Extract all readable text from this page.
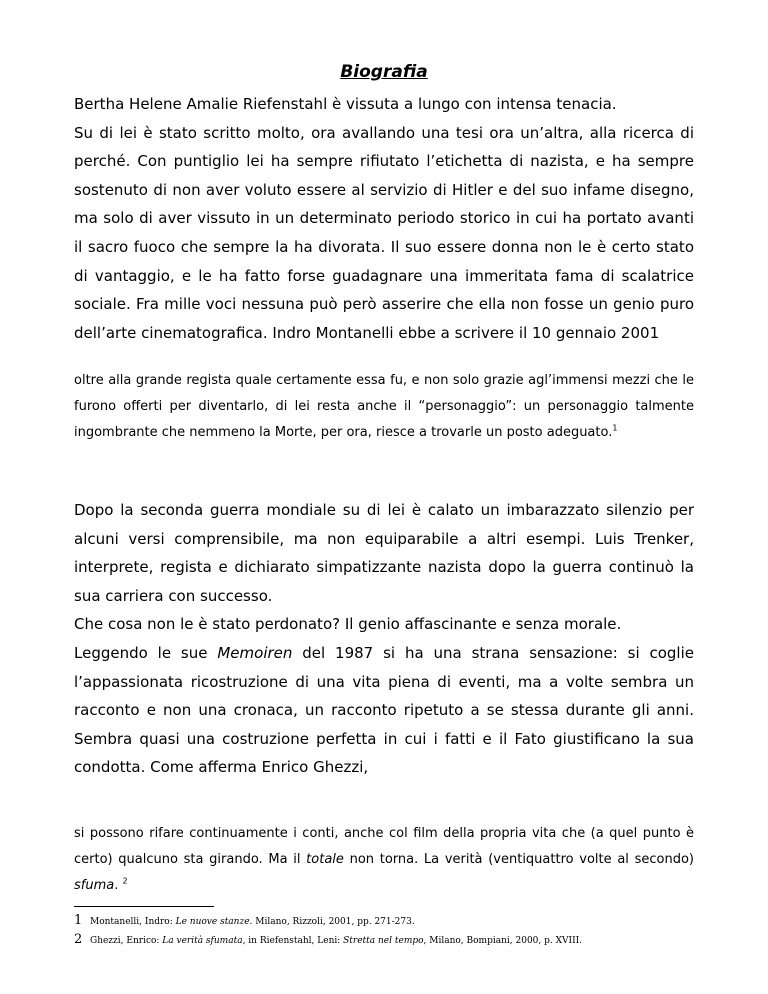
Biografia

Bertha Helene Amalie Riefenstahl è vissuta a lungo con intensa tenacia.

Su di lei è stato scritto molto, ora avallando una tesi ora un’altra, alla ricerca di perché. Con puntiglio lei ha sempre rifiutato l’etichetta di nazista, e ha sempre sostenuto di non aver voluto essere al servizio di Hitler e del suo infame disegno, ma solo di aver vissuto in un determinato periodo storico in cui ha portato avanti il sacro fuoco che sempre la ha divorata. Il suo essere donna non le è certo stato di vantaggio, e le ha fatto forse guadagnare una immeritata fama di scalatrice sociale. Fra mille voci nessuna può però asserire che ella non fosse un genio puro dell’arte cinematografica. Indro Montanelli ebbe a scrivere il 10 gennaio 2001

oltre alla grande regista quale certamente essa fu, e non solo grazie agl’immensi mezzi che le furono offerti per diventarlo, di lei resta anche il “personaggio”: un personaggio talmente ingombrante che nemmeno la Morte, per ora, riesce a trovarle un posto adeguato.$^1$

Dopo la seconda guerra mondiale su di lei è calato un imbarazzato silenzio per alcuni versi comprensibile, ma non equiparabile a altri esempi. Luis Trenker, interprete, regista e dichiarato simpatizzante nazista dopo la guerra continuò la sua carriera con successo.

Che cosa non le è stato perdonato? Il genio affascinante e senza morale.

Leggendo le sue Memoiren del 1987 si ha una strana sensazione: si coglie l’appassionata ricostruzione di una vita piena di eventi, ma a volte sembra un racconto e non una cronaca, un racconto ripetuto a se stessa durante gli anni. Sembra quasi una costruzione perfetta in cui i fatti e il Fato giustificano la sua condotta. Come afferma Enrico Ghezzi,

si possono rifare continuamente i conti, anche col film della propria vita che (a quel punto è certo) qualcuno sta girando. Ma il totale non torna. La verità (ventiquattro volte al secondo) sfuma. $^2$

1 Montanelli, Indro: Le nuove stanze. Milano, Rizzoli, 2001, pp. 271-273.
2 Ghezzi, Enrico: La verità sfumata, in Riefenstahl, Leni: Stretta nel tempo, Milano, Bompiani, 2000, p. XVIII.
